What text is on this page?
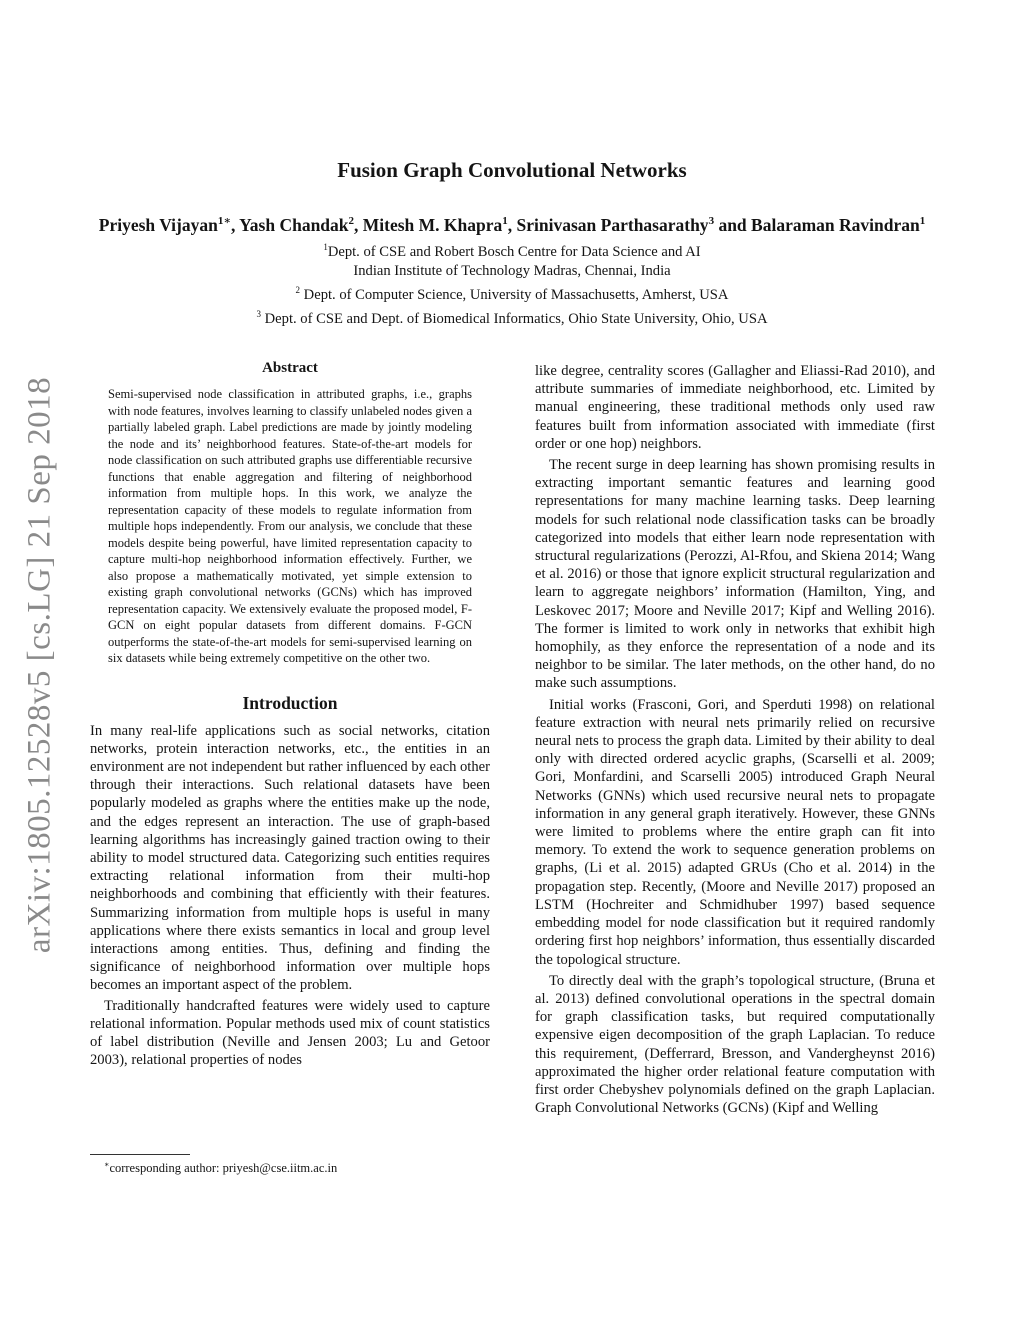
Fusion Graph Convolutional Networks
Priyesh Vijayan$^{1∗}$, Yash Chandak$^2$, Mitesh M. Khapra$^1$, Srinivasan Parthasarathy$^3$ and Balaraman Ravindran$^1$
$^1$Dept. of CSE and Robert Bosch Centre for Data Science and AI
Indian Institute of Technology Madras, Chennai, India
$^2$ Dept. of Computer Science, University of Massachusetts, Amherst, USA
$^3$ Dept. of CSE and Dept. of Biomedical Informatics, Ohio State University, Ohio, USA
arXiv:1805.12528v5 [cs.LG] 21 Sep 2018
Abstract

Semi-supervised node classification in attributed graphs, i.e., graphs with node features, involves learning to classify unlabeled nodes given a partially labeled graph. Label predictions are made by jointly modeling the node and its’ neighborhood features. State-of-the-art models for node classification on such attributed graphs use differentiable recursive functions that enable aggregation and filtering of neighborhood information from multiple hops. In this work, we analyze the representation capacity of these models to regulate information from multiple hops independently. From our analysis, we conclude that these models despite being powerful, have limited representation capacity to capture multi-hop neighborhood information effectively. Further, we also propose a mathematically motivated, yet simple extension to existing graph convolutional networks (GCNs) which has improved representation capacity. We extensively evaluate the proposed model, F-GCN on eight popular datasets from different domains. F-GCN outperforms the state-of-the-art models for semi-supervised learning on six datasets while being extremely competitive on the other two.

Introduction

In many real-life applications such as social networks, citation networks, protein interaction networks, etc., the entities in an environment are not independent but rather influenced by each other through their interactions. Such relational datasets have been popularly modeled as graphs where the entities make up the node, and the edges represent an interaction. The use of graph-based learning algorithms has increasingly gained traction owing to their ability to model structured data. Categorizing such entities requires extracting relational information from their multi-hop neighborhoods and combining that efficiently with their features. Summarizing information from multiple hops is useful in many applications where there exists semantics in local and group level interactions among entities. Thus, defining and finding the significance of neighborhood information over multiple hops becomes an important aspect of the problem.

Traditionally handcrafted features were widely used to capture relational information. Popular methods used mix of count statistics of label distribution (Neville and Jensen 2003; Lu and Getoor 2003), relational properties of nodes

like degree, centrality scores (Gallagher and Eliassi-Rad 2010), and attribute summaries of immediate neighborhood, etc. Limited by manual engineering, these traditional methods only used raw features built from information associated with immediate (first order or one hop) neighbors.

The recent surge in deep learning has shown promising results in extracting important semantic features and learning good representations for many machine learning tasks. Deep learning models for such relational node classification tasks can be broadly categorized into models that either learn node representation with structural regularizations (Perozzi, Al-Rfou, and Skiena 2014; Wang et al. 2016) or those that ignore explicit structural regularization and learn to aggregate neighbors’ information (Hamilton, Ying, and Leskovec 2017; Moore and Neville 2017; Kipf and Welling 2016). The former is limited to work only in networks that exhibit high homophily, as they enforce the representation of a node and its neighbor to be similar. The later methods, on the other hand, do no make such assumptions.

Initial works (Frasconi, Gori, and Sperduti 1998) on relational feature extraction with neural nets primarily relied on recursive neural nets to process the graph data. Limited by their ability to deal only with directed ordered acyclic graphs, (Scarselli et al. 2009; Gori, Monfardini, and Scarselli 2005) introduced Graph Neural Networks (GNNs) which used recursive neural nets to propagate information in any general graph iteratively. However, these GNNs were limited to problems where the entire graph can fit into memory. To extend the work to sequence generation problems on graphs, (Li et al. 2015) adapted GRUs (Cho et al. 2014) in the propagation step. Recently, (Moore and Neville 2017) proposed an LSTM (Hochreiter and Schmidhuber 1997) based sequence embedding model for node classification but it required randomly ordering first hop neighbors’ information, thus essentially discarded the topological structure.

To directly deal with the graph’s topological structure, (Bruna et al. 2013) defined convolutional operations in the spectral domain for graph classification tasks, but required computationally expensive eigen decomposition of the graph Laplacian. To reduce this requirement, (Defferrard, Bresson, and Vandergheynst 2016) approximated the higher order relational feature computation with first order Chebyshev polynomials defined on the graph Laplacian. Graph Convolutional Networks (GCNs) (Kipf and Welling

∗corresponding author: priyesh@cse.iitm.ac.in
